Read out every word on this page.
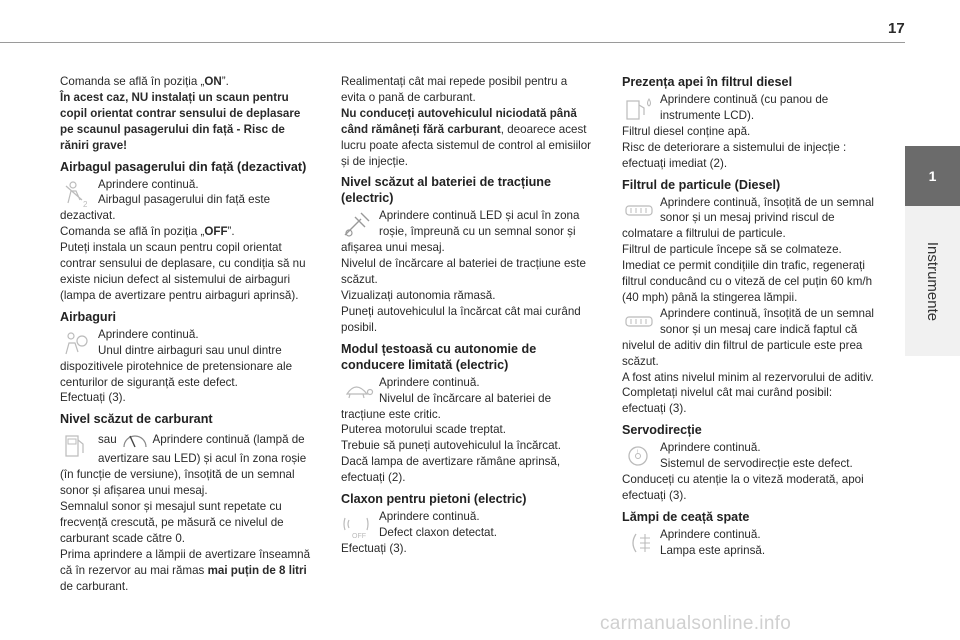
17
1
Instrumente

Comanda se află în poziția „ON”.

În acest caz, NU instalați un scaun pentru copil orientat contrar sensului de deplasare pe scaunul pasagerului din față - Risc de răniri grave!

Airbagul pasagerului din față (dezactivat)
2

Aprindere continuă.

Airbagul pasagerului din față este dezactivat.

Comanda se află în poziția „OFF”.

Puteți instala un scaun pentru copil orientat contrar sensului de deplasare, cu condiția să nu existe niciun defect al sistemului de airbaguri (lampa de avertizare pentru airbaguri aprinsă).

Airbaguri

Aprindere continuă.

Unul dintre airbaguri sau unul dintre dispozitivele pirotehnice de pretensionare ale centurilor de siguranță este defect.

Efectuați (3).

Nivel scăzut de carburant

sau	Aprindere continuă (lampă de avertizare sau LED) și acul în zona roșie (în funcție de versiune), însoțită de un semnal sonor și afișarea unui mesaj.

Semnalul sonor și mesajul sunt repetate cu frecvență crescută, pe măsură ce nivelul de carburant scade către 0.

Prima aprindere a lămpii de avertizare înseamnă că în rezervor au mai rămas mai puțin de 8 litri de carburant.

Realimentați cât mai repede posibil pentru a evita o pană de carburant.

Nu conduceți autovehiculul niciodată până când rămâneți fără carburant, deoarece acest lucru poate afecta sistemul de control al emisiilor și de injecție.

Nivel scăzut al bateriei de tracțiune (electric)

Aprindere continuă LED și acul în zona roșie, împreună cu un semnal sonor și afișarea unui mesaj.

Nivelul de încărcare al bateriei de tracțiune este scăzut.

Vizualizați autonomia rămasă.

Puneți autovehiculul la încărcat cât mai curând posibil.

Modul țestoasă cu autonomie de conducere limitată (electric)

Aprindere continuă.

Nivelul de încărcare al bateriei de tracțiune este critic.

Puterea motorului scade treptat.

Trebuie să puneți autovehiculul la încărcat.

Dacă lampa de avertizare rămâne aprinsă, efectuați (2).

Claxon pentru pietoni (electric)
OFF

Aprindere continuă.

Defect claxon detectat.

Efectuați (3).

Prezența apei în filtrul diesel

Aprindere continuă (cu panou de instrumente LCD).

Filtrul diesel conține apă.

Risc de deteriorare a sistemului de injecție : efectuați imediat (2).

Filtrul de particule (Diesel)

Aprindere continuă, însoțită de un semnal sonor și un mesaj privind riscul de colmatare a filtrului de particule.

Filtrul de particule începe să se colmateze. Imediat ce permit condițiile din trafic, regenerați filtrul conducând cu o viteză de cel puțin 60 km/h (40 mph) până la stingerea lămpii.

Aprindere continuă, însoțită de un semnal sonor și un mesaj care indică faptul că nivelul de aditiv din filtrul de particule este prea scăzut.

A fost atins nivelul minim al rezervorului de aditiv. Completați nivelul cât mai curând posibil: efectuați (3).

Servodirecție
!	Aprindere continuă.

Sistemul de servodirecție este defect.

Conduceți cu atenție la o viteză moderată, apoi efectuați (3).

Lămpi de ceață spate

Aprindere continuă.

Lampa este aprinsă.

carmanualsonline.info
